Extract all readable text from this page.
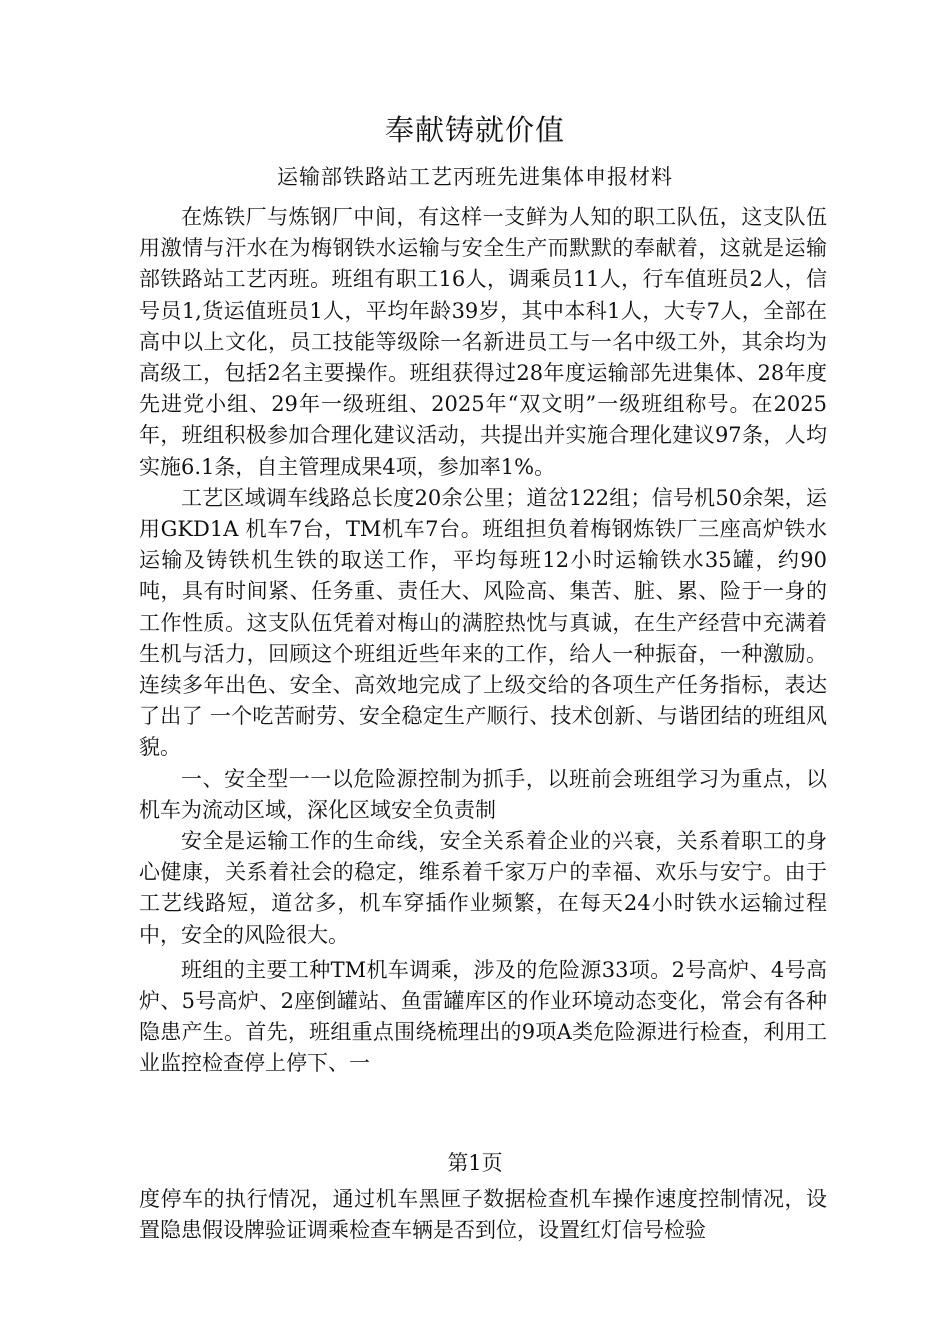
奉献铸就价值
运输部铁路站工艺丙班先进集体申报材料

在炼铁厂与炼钢厂中间，有这样一支鲜为人知的职工队伍，这支队伍用激情与汗水在为梅钢铁水运输与安全生产而默默的奉献着，这就是运输部铁路站工艺丙班。班组有职工16人，调乘员11人，行车值班员2人，信号员1,货运值班员1人，平均年龄39岁，其中本科1人，大专7人，全部在高中以上文化，员工技能等级除一名新进员工与一名中级工外，其余均为高级工，包括2名主要操作。班组获得过28年度运输部先进集体、28年度先进党小组、29年一级班组、2025年“双文明”一级班组称号。在2025年，班组积极参加合理化建议活动，共提出并实施合理化建议97条，人均实施6.1条，自主管理成果4项，参加率1%。

工艺区域调车线路总长度20余公里；道岔122组；信号机50余架，运用GKD1A 机车7台，TM机车7台。班组担负着梅钢炼铁厂三座高炉铁水运输及铸铁机生铁的取送工作，平均每班12小时运输铁水35罐，约90吨，具有时间紧、任务重、责任大、风险高、集苦、脏、累、险于一身的工作性质。这支队伍凭着对梅山的满腔热忱与真诚，在生产经营中充满着生机与活力，回顾这个班组近些年来的工作，给人一种振奋，一种激励。连续多年出色、安全、高效地完成了上级交给的各项生产任务指标，表达了出了 一个吃苦耐劳、安全稳定生产顺行、技术创新、与谐团结的班组风貌。

一、安全型一一以危险源控制为抓手，以班前会班组学习为重点，以机车为流动区域，深化区域安全负责制

安全是运输工作的生命线，安全关系着企业的兴衰，关系着职工的身心健康，关系着社会的稳定，维系着千家万户的幸福、欢乐与安宁。由于工艺线路短，道岔多，机车穿插作业频繁，在每天24小时铁水运输过程中，安全的风险很大。

班组的主要工种TM机车调乘，涉及的危险源33项。2号高炉、4号高炉、5号高炉、2座倒罐站、鱼雷罐库区的作业环境动态变化，常会有各种隐患产生。首先，班组重点围绕梳理出的9项A类危险源进行检查，利用工业监控检查停上停下、一

第1页

度停车的执行情况，通过机车黑匣子数据检查机车操作速度控制情况，设置隐患假设牌验证调乘检查车辆是否到位，设置红灯信号检验
